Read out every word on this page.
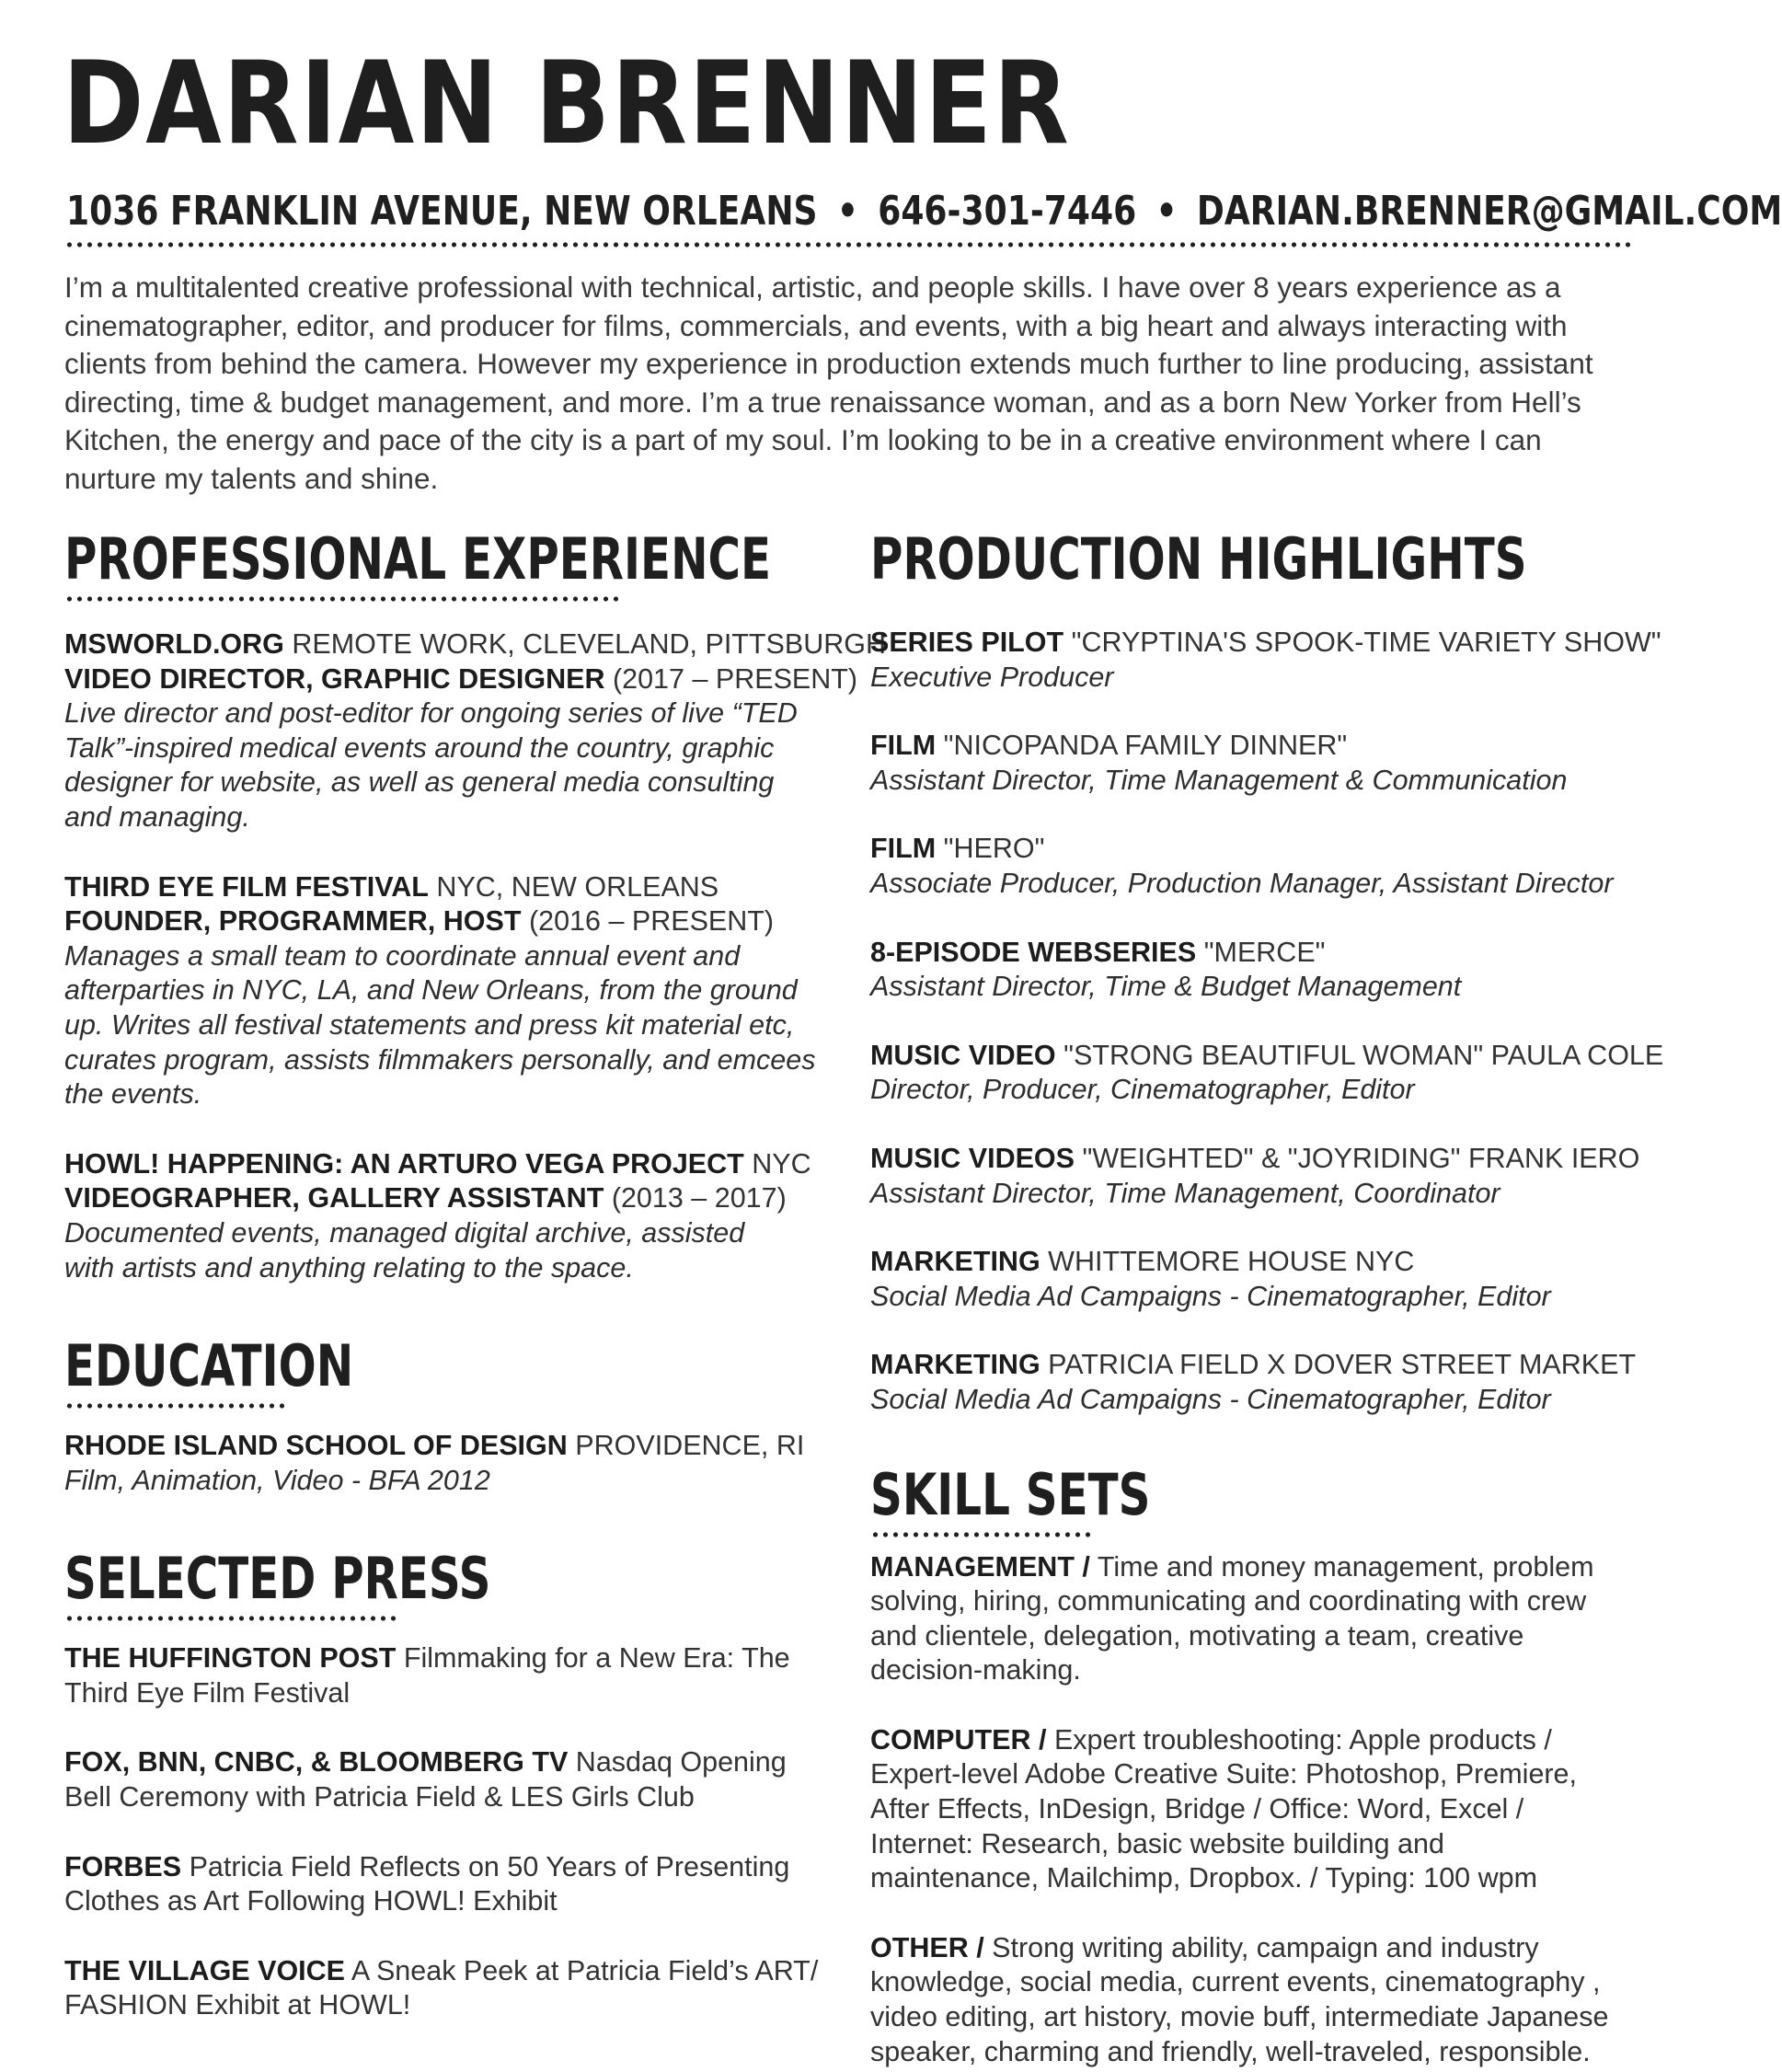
DARIAN BRENNER
1036 FRANKLIN AVENUE, NEW ORLEANS • 646-301-7446 • DARIAN.BRENNER@GMAIL.COM

I’m a multitalented creative professional with technical, artistic, and people skills. I have over 8 years experience as a cinematographer, editor, and producer for films, commercials, and events, with a big heart and always interacting with clients from behind the camera. However my experience in production extends much further to line producing, assistant directing, time & budget management, and more. I’m a true renaissance woman, and as a born New Yorker from Hell’s Kitchen, the energy and pace of the city is a part of my soul. I’m looking to be in a creative environment where I can nurture my talents and shine.

PROFESSIONAL EXPERIENCE
MSWORLD.ORG REMOTE WORK, CLEVELAND, PITTSBURGH
VIDEO DIRECTOR, GRAPHIC DESIGNER (2017 – PRESENT)
Live director and post-editor for ongoing series of live “TED Talk”-inspired medical events around the country, graphic designer for website, as well as general media consulting and managing.
THIRD EYE FILM FESTIVAL NYC, NEW ORLEANS
FOUNDER, PROGRAMMER, HOST (2016 – PRESENT)
Manages a small team to coordinate annual event and afterparties in NYC, LA, and New Orleans, from the ground up. Writes all festival statements and press kit material etc, curates program, assists filmmakers personally, and emcees the events.
HOWL! HAPPENING: AN ARTURO VEGA PROJECT NYC
VIDEOGRAPHER, GALLERY ASSISTANT (2013 – 2017)
Documented events, managed digital archive, assisted with artists and anything relating to the space.
EDUCATION
RHODE ISLAND SCHOOL OF DESIGN PROVIDENCE, RI
Film, Animation, Video - BFA 2012
SELECTED PRESS
THE HUFFINGTON POST Filmmaking for a New Era: The Third Eye Film Festival
FOX, BNN, CNBC, & BLOOMBERG TV Nasdaq Opening Bell Ceremony with Patricia Field & LES Girls Club
FORBES Patricia Field Reflects on 50 Years of Presenting Clothes as Art Following HOWL! Exhibit
THE VILLAGE VOICE A Sneak Peek at Patricia Field’s ART/ FASHION Exhibit at HOWL!
PRODUCTION HIGHLIGHTS
SERIES PILOT "CRYPTINA'S SPOOK-TIME VARIETY SHOW"
Executive Producer
FILM "NICOPANDA FAMILY DINNER"
Assistant Director, Time Management & Communication
FILM "HERO"
Associate Producer, Production Manager, Assistant Director
8-EPISODE WEBSERIES "MERCE"
Assistant Director, Time & Budget Management
MUSIC VIDEO "STRONG BEAUTIFUL WOMAN" PAULA COLE
Director, Producer, Cinematographer, Editor
MUSIC VIDEOS "WEIGHTED" & "JOYRIDING" FRANK IERO
Assistant Director, Time Management, Coordinator
MARKETING WHITTEMORE HOUSE NYC
Social Media Ad Campaigns - Cinematographer, Editor
MARKETING PATRICIA FIELD X DOVER STREET MARKET
Social Media Ad Campaigns - Cinematographer, Editor
SKILL SETS
MANAGEMENT / Time and money management, problem solving, hiring, communicating and coordinating with crew and clientele, delegation, motivating a team, creative decision-making.
COMPUTER / Expert troubleshooting: Apple products / Expert-level Adobe Creative Suite: Photoshop, Premiere, After Effects, InDesign, Bridge / Office: Word, Excel / Internet: Research, basic website building and maintenance, Mailchimp, Dropbox. / Typing: 100 wpm
OTHER / Strong writing ability, campaign and industry knowledge, social media, current events, cinematography , video editing, art history, movie buff, intermediate Japanese speaker, charming and friendly, well-traveled, responsible.
